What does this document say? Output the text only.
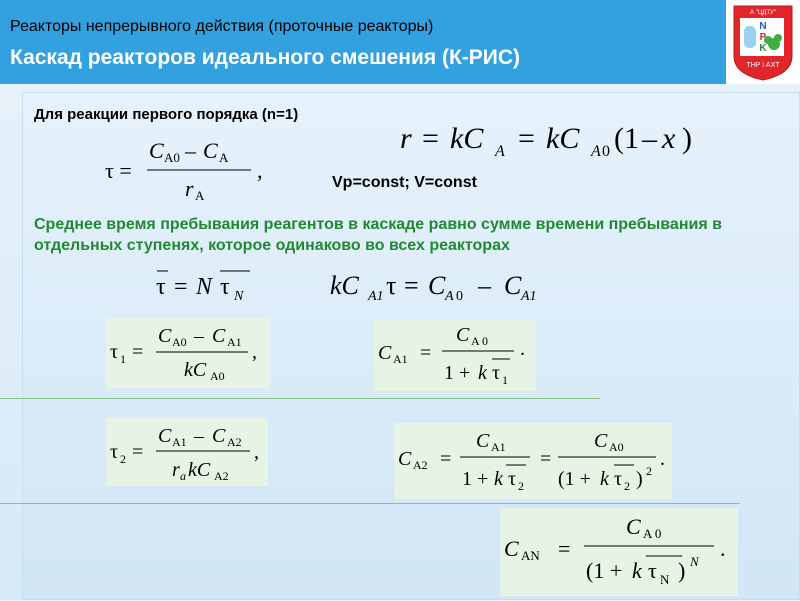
Реакторы непрерывного действия (проточные реакторы)
Каскад реакторов идеального смешения (К-РИС)
А "ЦДТУ"
N
P
K
ТНР і АХТ
Для реакции первого порядка (n=1)
Vp=const; V=const
Среднее время пребывания реагентов в каскаде равно сумме времени пребывания в отдельных ступенях, которое одинаково во всех реакторах
r = kC A = kC A 0 (1 – x )
τ =
C A0 – C A
r A
,
τ = N τ N	kC A1 τ = C A 0 – C A1
τ 1 =
C A0 – C A1
kC A0
,	C A1 =
C A 0
1 + k τ 1
.
τ 2 =
C A1 – C A2
r a kC A2
,	C A2 =
C A1
1 + k τ 2
=
C A0
(1 + k τ 2 ) 2
.
C AN =
C A 0
(1 + k τ N ) N
.
